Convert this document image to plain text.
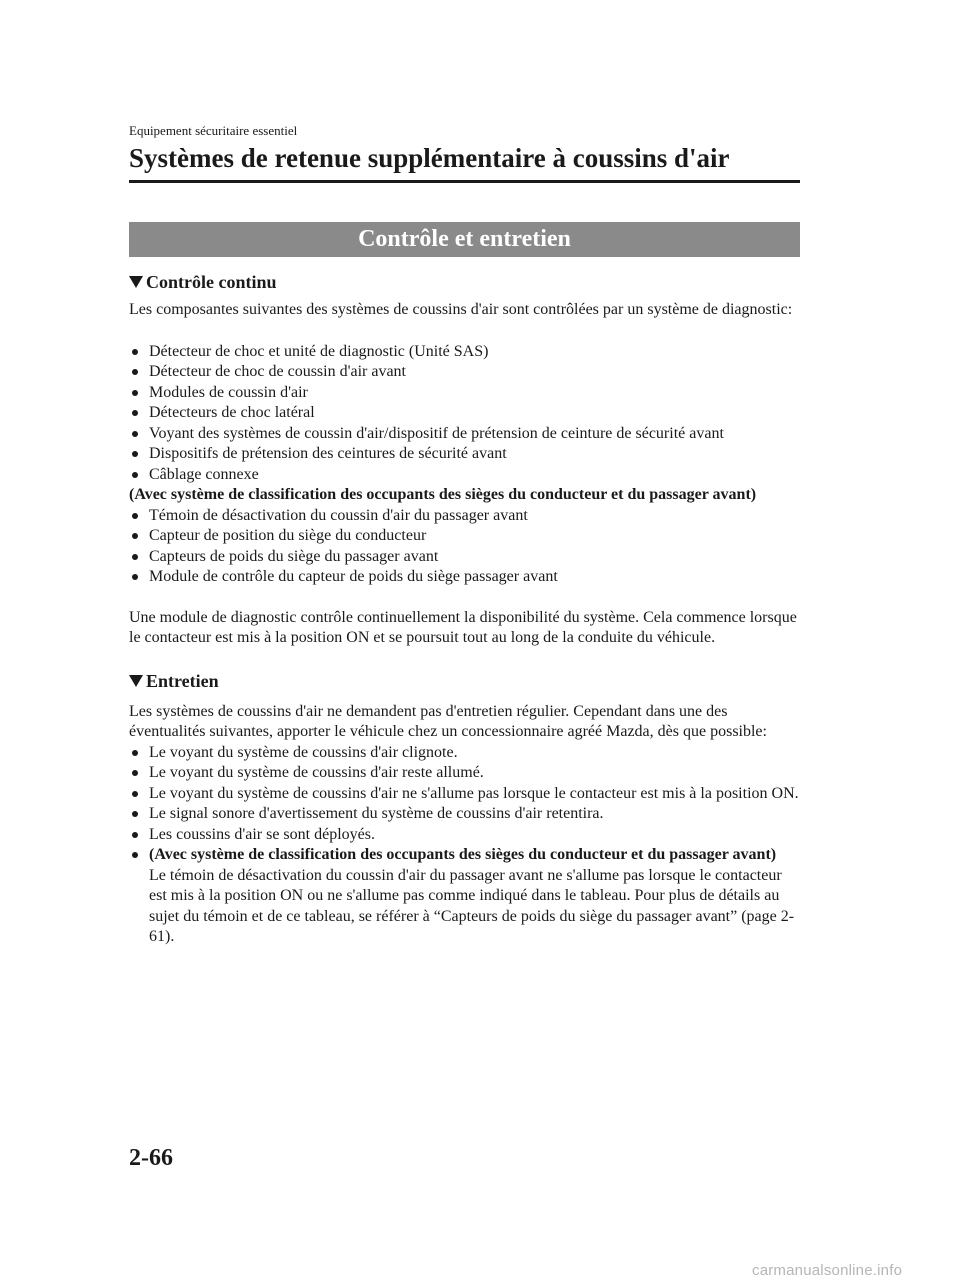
Equipement sécuritaire essentiel
Systèmes de retenue supplémentaire à coussins d'air
Contrôle et entretien
Contrôle continu

Les composantes suivantes des systèmes de coussins d'air sont contrôlées par un système de diagnostic:

Détecteur de choc et unité de diagnostic (Unité SAS)
Détecteur de choc de coussin d'air avant
Modules de coussin d'air
Détecteurs de choc latéral
Voyant des systèmes de coussin d'air/dispositif de prétension de ceinture de sécurité avant
Dispositifs de prétension des ceintures de sécurité avant
Câblage connexe

(Avec système de classification des occupants des sièges du conducteur et du passager avant)

Témoin de désactivation du coussin d'air du passager avant
Capteur de position du siège du conducteur
Capteurs de poids du siège du passager avant
Module de contrôle du capteur de poids du siège passager avant

Une module de diagnostic contrôle continuellement la disponibilité du système. Cela commence lorsque le contacteur est mis à la position ON et se poursuit tout au long de la conduite du véhicule.

Entretien

Les systèmes de coussins d'air ne demandent pas d'entretien régulier. Cependant dans une des éventualités suivantes, apporter le véhicule chez un concessionnaire agréé Mazda, dès que possible:

Le voyant du système de coussins d'air clignote.
Le voyant du système de coussins d'air reste allumé.
Le voyant du système de coussins d'air ne s'allume pas lorsque le contacteur est mis à la position ON.
Le signal sonore d'avertissement du système de coussins d'air retentira.
Les coussins d'air se sont déployés.
(Avec système de classification des occupants des sièges du conducteur et du passager avant)
Le témoin de désactivation du coussin d'air du passager avant ne s'allume pas lorsque le contacteur est mis à la position ON ou ne s'allume pas comme indiqué dans le tableau. Pour plus de détails au sujet du témoin et de ce tableau, se référer à “Capteurs de poids du siège du passager avant” (page 2-61).
2-66
carmanualsonline.info
